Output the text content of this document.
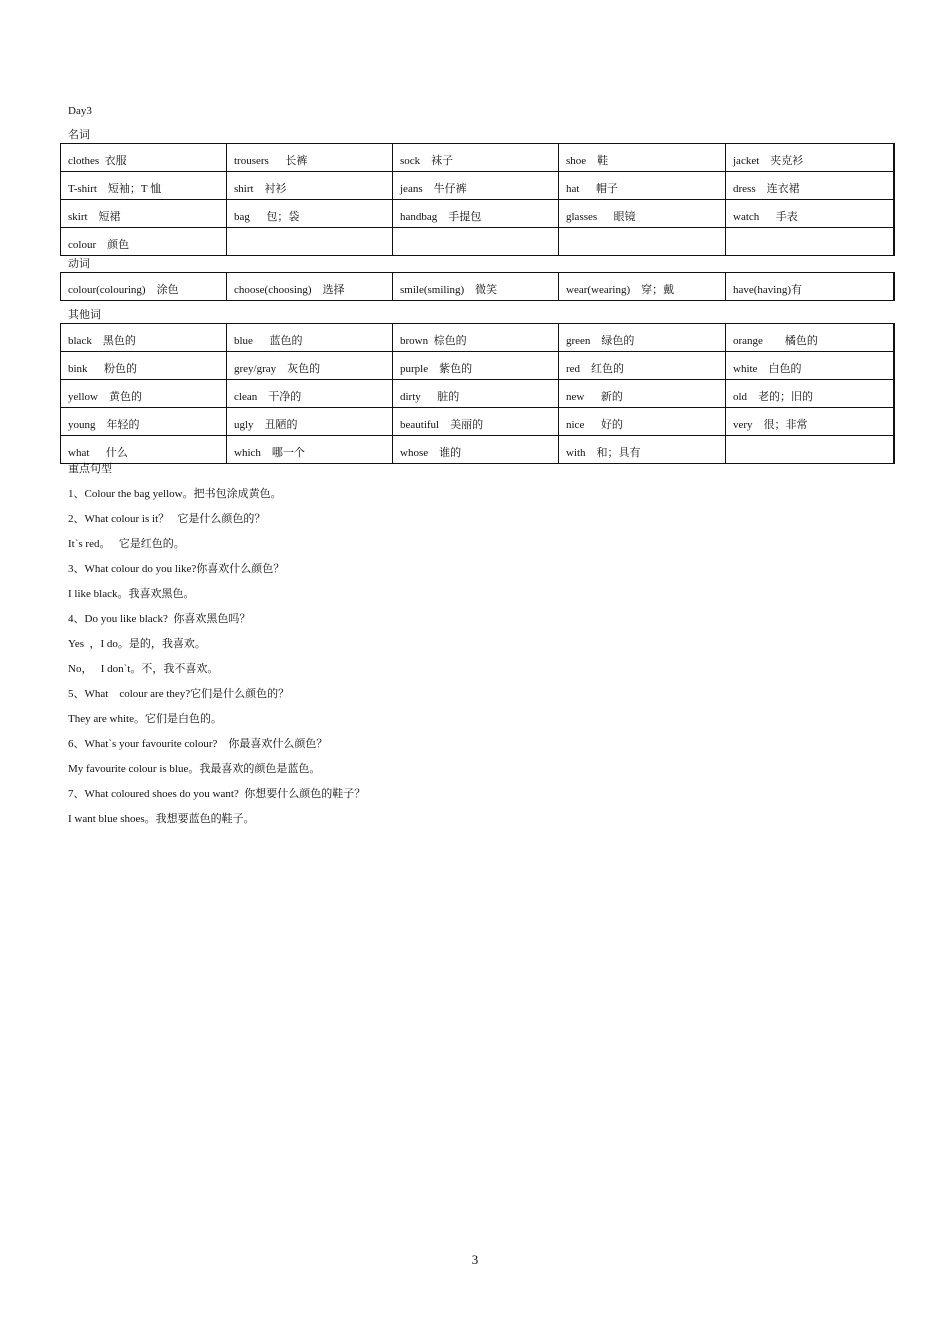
Day3
名词
clothes  衣服	trousers      长裤	sock    袜子	shoe    鞋	jacket    夹克衫
T-shirt    短袖；T 恤	shirt    衬衫	jeans    牛仔裤	hat      帽子	dress    连衣裙
skirt    短裙	bag      包；袋	handbag    手提包	glasses      眼镜	watch      手表
colour    颜色				
动词
colour(colouring)    涂色	choose(choosing)    选择	smile(smiling)    微笑	wear(wearing)    穿；戴	have(having)有
其他词
black    黑色的	blue      蓝色的	brown  棕色的	green    绿色的	orange        橘色的
bink      粉色的	grey/gray    灰色的	purple    紫色的	red    红色的	white    白色的
yellow    黄色的	clean    干净的	dirty      脏的	new      新的	old    老的；旧的
young    年轻的	ugly    丑陋的	beautiful    美丽的	nice      好的	very    很；非常
what      什么	which    哪一个	whose    谁的	with    和；具有	
重点句型
1、Colour the bag yellow。把书包涂成黄色。
2、What colour is it？   它是什么颜色的？
It`s red。   它是红色的。
3、What colour do you like?你喜欢什么颜色？
I like black。我喜欢黑色。
4、Do you like black?  你喜欢黑色吗？
Yes  ，I do。是的，我喜欢。
No，   I don`t。不，我不喜欢。
5、What    colour are they?它们是什么颜色的？
They are white。它们是白色的。
6、What`s your favourite colour?    你最喜欢什么颜色？
My favourite colour is blue。我最喜欢的颜色是蓝色。
7、What coloured shoes do you want?  你想要什么颜色的鞋子？
I want blue shoes。我想要蓝色的鞋子。
3
